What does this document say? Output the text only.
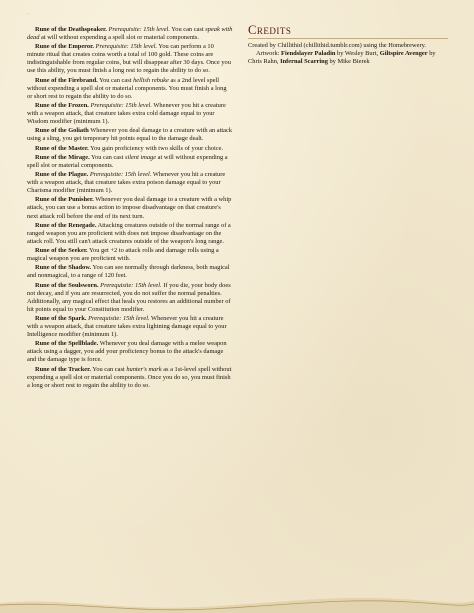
'

Rune of the Deathspeaker. Prerequisite: 15th level. You can cast speak with dead at will without expending a spell slot or material components.

Rune of the Emperor. Prerequisite: 15th level. You can perform a 10 minute ritual that creates coins worth a total of 100 gold. These coins are indistinguishable from regular coins, but will disappear after 30 days. Once you use this ability, you must finish a long rest to regain the ability to do so.

Rune of the Firebrand. You can cast hellish rebuke as a 2nd level spell without expending a spell slot or material components. You must finish a long or short rest to regain the ability to do so.

Rune of the Frozen. Prerequisite: 15th level. Whenever you hit a creature with a weapon attack, that creature takes extra cold damage equal to your Wisdom modifier (minimum 1).

Rune of the Goliath Whenever you deal damage to a creature with an attack using a sling, you get temporary hit points equal to the damage dealt.

Rune of the Master. You gain proficiency with two skills of your choice.

Rune of the Mirage. You can cast silent image at will without expending a spell slot or material components.

Rune of the Plague. Prerequisite: 15th level. Whenever you hit a creature with a weapon attack, that creature takes extra poison damage equal to your Charisma modifier (minimum 1).

Rune of the Punisher. Whenever you deal damage to a creature with a whip attack, you can use a bonus action to impose disadvantage on that creature's next attack roll before the end of its next turn.

Rune of the Renegade. Attacking creatures outside of the normal range of a ranged weapon you are proficient with does not impose disadvantage on the attack roll. You still can't attack creatures outside of the weapon's long range.

Rune of the Seeker. You get +2 to attack rolls and damage rolls using a magical weapon you are proficient with.

Rune of the Shadow. You can see normally through darkness, both magical and nonmagical, to a range of 120 feet.

Rune of the Soulsworn. Prerequisite: 15th level. If you die, your body does not decay, and if you are resurrected, you do not suffer the normal penalties. Additionally, any magical effect that heals you restores an additional number of hit points equal to your Constitution modifier.

Rune of the Spark. Prerequisite: 15th level. Whenever you hit a creature with a weapon attack, that creature takes extra lightning damage equal to your Intelligence modifier (minimum 1).

Rune of the Spellblade. Whenever you deal damage with a melee weapon attack using a dagger, you add your proficiency bonus to the attack's damage and the damage type is force.

Rune of the Tracker. You can cast hunter's mark as a 1st-level spell without expending a spell slot or material components. Once you do so, you must finish a long or short rest to regain the ability to do so.

Credits

Created by Chillithid (chillithid.tumblr.com) using the Homebrewery.

Artwork: Fiendslayer Paladin by Wesley Burt, Giltspire Avenger by Chris Rahn, Infernal Scarring by Mike Bierek
